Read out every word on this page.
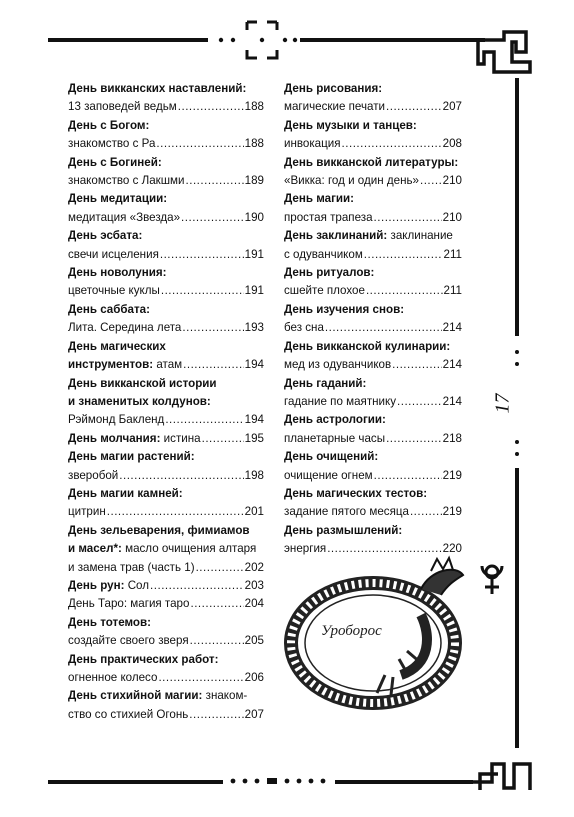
17
Уроборос
День викканских наставлений:
13 заповедей ведьм .....	188
День с Богом:
знакомство с Ра .....	188
День с Богиней:
знакомство с Лакшми .....	189
День медитации:
медитация «Звезда» .....	190
День эсбата:
свечи исцеления .....	191
День новолуния:
цветочные куклы .....	191
День саббата:
Лита. Середина лета .....	193
День магических
инструментов: атам .....	194
День викканской истории
и знаменитых колдунов:
Рэймонд Бакленд .....	194
День молчания: истина .....	195
День магии растений:
зверобой .....	198
День магии камней:
цитрин .....	201
День зельеварения, фимиамов
и масел*: масло очищения алтаря
и замена трав (часть 1) .....	202
День рун: Сол .....	203
День Таро: магия таро .....	204
День тотемов:
создайте своего зверя .....	205
День практических работ:
огненное колесо .....	206
День стихийной магии: знаком-
ство со стихией Огонь .....	207
День рисования:
магические печати .....	207
День музыки и танцев:
инвокация .....	208
День викканской литературы:
«Викка: год и один день» ..... 210
День магии:
простая трапеза .....	210
День заклинаний: заклинание
с одуванчиком .....	211
День ритуалов:
сшейте плохое .....	211
День изучения снов:
без сна .....	214
День викканской кулинарии:
мед из одуванчиков .....	214
День гаданий:
гадание по маятнику .....	214
День астрологии:
планетарные часы .....	218
День очищений:
очищение огнем .....	219
День магических тестов:
задание пятого месяца .....	219
День размышлений:
энергия .....	220
